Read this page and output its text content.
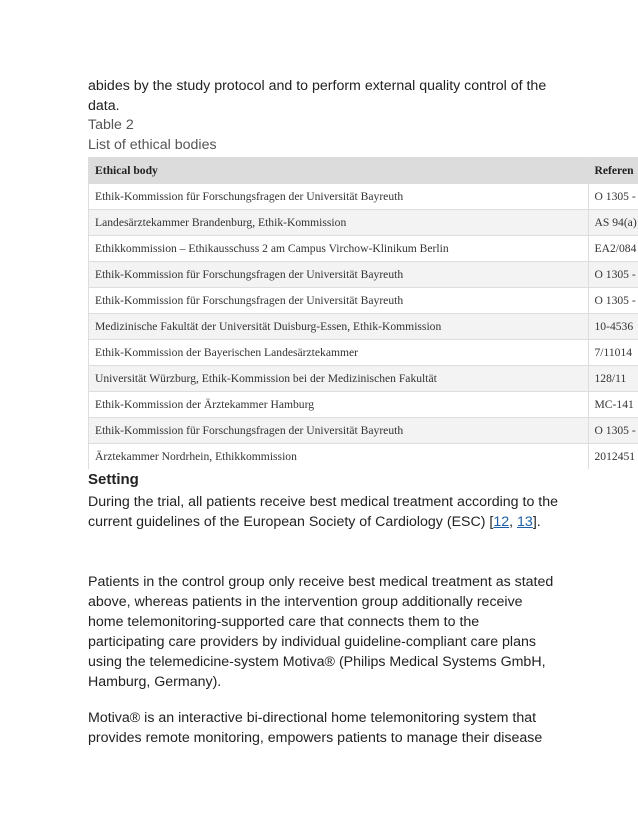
abides by the study protocol and to perform external quality control of the data.

Table 2
List of ethical bodies
Ethical body	Referen
Ethik-Kommission für Forschungsfragen der Universität Bayreuth	O 1305 -
Landesärztekammer Brandenburg, Ethik-Kommission	AS 94(a)
Ethikkommission – Ethikausschuss 2 am Campus Virchow-Klinikum Berlin	EA2/084
Ethik-Kommission für Forschungsfragen der Universität Bayreuth	O 1305 -
Ethik-Kommission für Forschungsfragen der Universität Bayreuth	O 1305 -
Medizinische Fakultät der Universität Duisburg-Essen, Ethik-Kommission	10-4536
Ethik-Kommission der Bayerischen Landesärztekammer	7/11014
Universität Würzburg, Ethik-Kommission bei der Medizinischen Fakultät	128/11
Ethik-Kommission der Ärztekammer Hamburg	MC-141
Ethik-Kommission für Forschungsfragen der Universität Bayreuth	O 1305 -
Ärztekammer Nordrhein, Ethikkommission	2012451
Setting

During the trial, all patients receive best medical treatment according to the current guidelines of the European Society of Cardiology (ESC) [12, 13].

Patients in the control group only receive best medical treatment as stated above, whereas patients in the intervention group additionally receive home telemonitoring-supported care that connects them to the participating care providers by individual guideline-compliant care plans using the telemedicine-system Motiva® (Philips Medical Systems GmbH, Hamburg, Germany).

Motiva® is an interactive bi-directional home telemonitoring system that provides remote monitoring, empowers patients to manage their disease
